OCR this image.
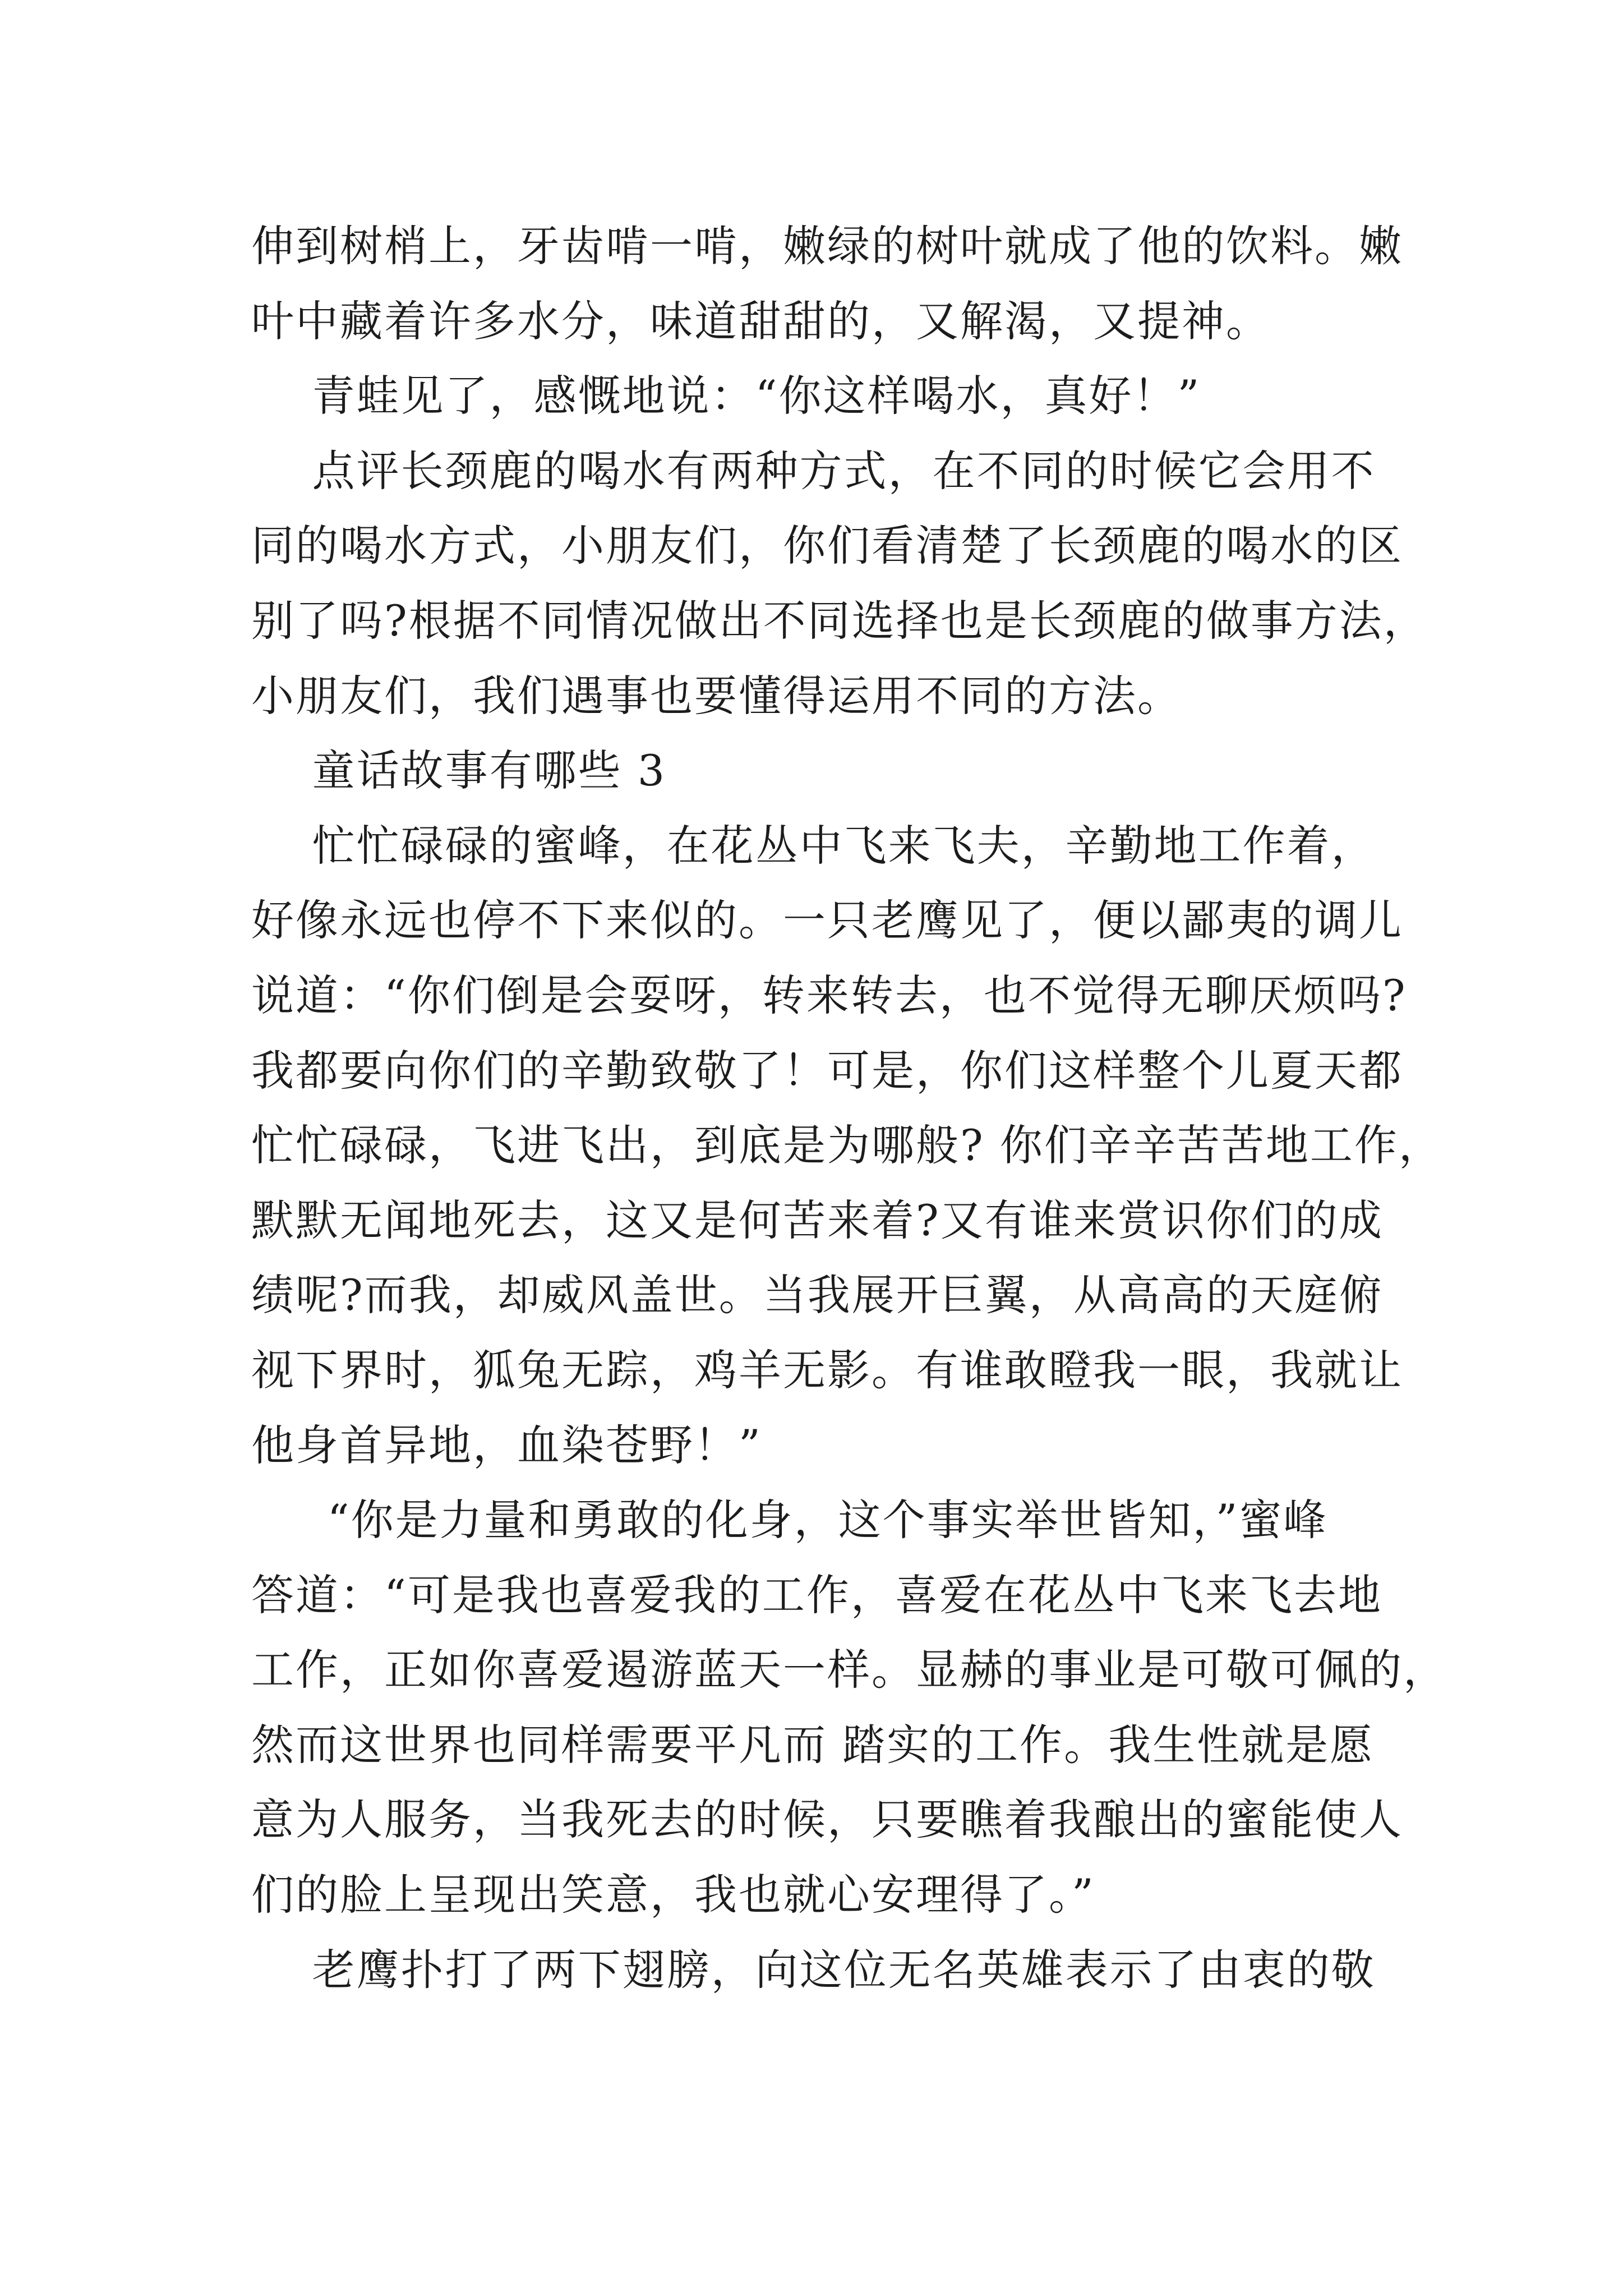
伸到树梢上，牙齿啃一啃，嫩绿的树叶就成了他的饮料。嫩
叶中藏着许多水分，味道甜甜的，又解渴，又提神。
青蛙见了，感慨地说：“你这样喝水，真好！”
点评长颈鹿的喝水有两种方式，在不同的时候它会用不
同的喝水方式，小朋友们，你们看清楚了长颈鹿的喝水的区
别了吗?根据不同情况做出不同选择也是长颈鹿的做事方法，
小朋友们，我们遇事也要懂得运用不同的方法。
童话故事有哪些 3
忙忙碌碌的蜜峰，在花丛中飞来飞夫，辛勤地工作着，
好像永远也停不下来似的。一只老鹰见了，便以鄙夷的调儿
说道：“你们倒是会耍呀，转来转去，也不觉得无聊厌烦吗?
我都要向你们的辛勤致敬了！可是，你们这样整个儿夏天都
忙忙碌碌，飞进飞出，到底是为哪般? 你们辛辛苦苦地工作，
默默无闻地死去，这又是何苦来着?又有谁来赏识你们的成
绩呢?而我，却威风盖世。当我展开巨翼，从高高的天庭俯
视下界时，狐兔无踪，鸡羊无影。有谁敢瞪我一眼，我就让
他身首异地，血染苍野！”
“你是力量和勇敢的化身，这个事实举世皆知，”蜜峰
答道：“可是我也喜爱我的工作，喜爱在花丛中飞来飞去地
工作，正如你喜爱遏游蓝天一样。显赫的事业是可敬可佩的，
然而这世界也同样需要平凡而 踏实的工作。我生性就是愿
意为人服务，当我死去的时候，只要瞧着我酿出的蜜能使人
们的脸上呈现出笑意，我也就心安理得了。”
老鹰扑打了两下翅膀，向这位无名英雄表示了由衷的敬
